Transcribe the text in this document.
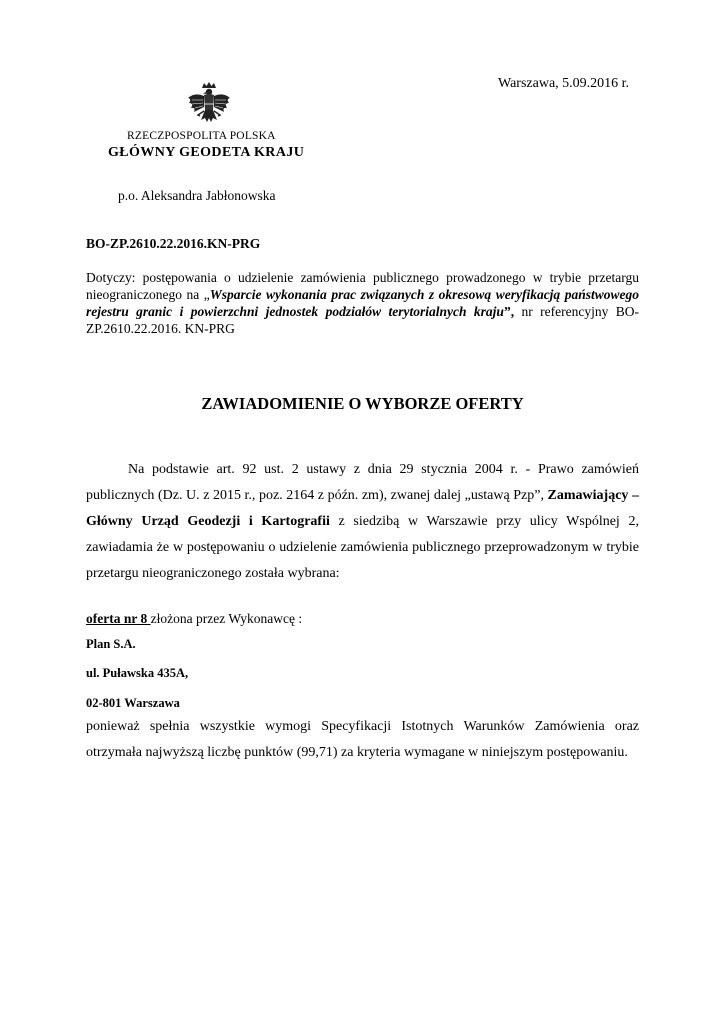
Warszawa, 5.09.2016 r.
RZECZPOSPOLITA POLSKA
GŁÓWNY GEODETA KRAJU
p.o. Aleksandra Jabłonowska
BO-ZP.2610.22.2016.KN-PRG
Dotyczy: postępowania o udzielenie zamówienia publicznego prowadzonego w trybie przetargu nieograniczonego na „Wsparcie wykonania prac związanych z okresową weryfikacją państwowego rejestru granic i powierzchni jednostek podziałów terytorialnych kraju”, nr referencyjny BO-ZP.2610.22.2016. KN-PRG
ZAWIADOMIENIE O WYBORZE OFERTY
Na podstawie art. 92 ust. 2 ustawy z dnia 29 stycznia 2004 r. - Prawo zamówień publicznych (Dz. U. z 2015 r., poz. 2164 z późn. zm), zwanej dalej „ustawą Pzp”, Zamawiający – Główny Urząd Geodezji i Kartografii z siedzibą w Warszawie przy ulicy Wspólnej 2, zawiadamia że w postępowaniu o udzielenie zamówienia publicznego przeprowadzonym w trybie przetargu nieograniczonego została wybrana:
oferta nr 8 złożona przez Wykonawcę :
Plan S.A.
ul. Puławska 435A,
02-801 Warszawa
ponieważ spełnia wszystkie wymogi Specyfikacji Istotnych Warunków Zamówienia oraz otrzymała najwyższą liczbę punktów (99,71) za kryteria wymagane w niniejszym postępowaniu.
